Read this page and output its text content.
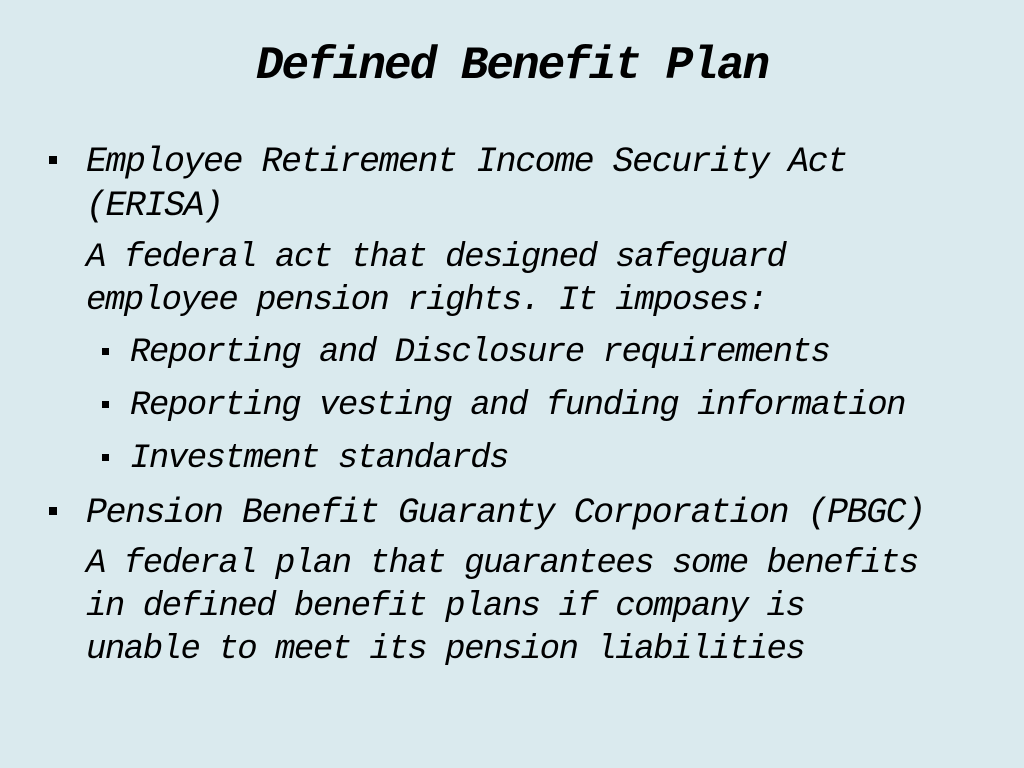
Defined Benefit Plan
Employee Retirement Income Security Act
(ERISA)
A federal act that designed safeguard
employee pension rights. It imposes:
Reporting and Disclosure requirements
Reporting vesting and funding information
Investment standards
Pension Benefit Guaranty Corporation (PBGC)
A federal plan that guarantees some benefits
in defined benefit plans if company is
unable to meet its pension liabilities
